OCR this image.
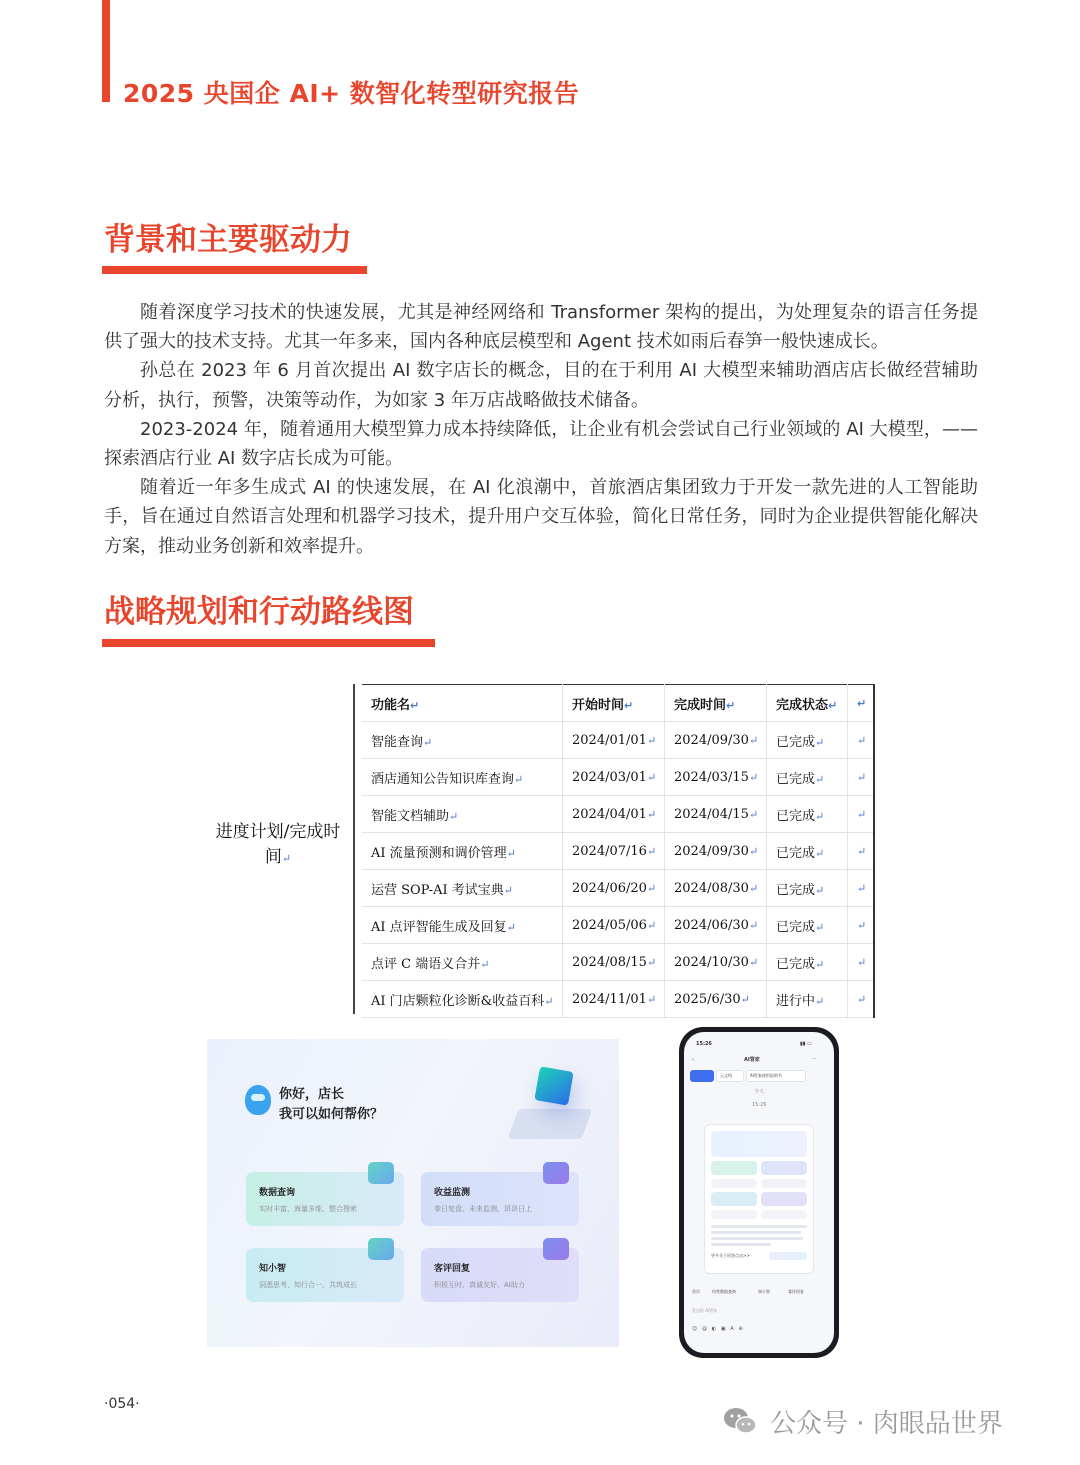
2025 央国企 AI+ 数智化转型研究报告
背景和主要驱动力

随着深度学习技术的快速发展，尤其是神经网络和 Transformer 架构的提出，为处理复杂的语言任务提供了强大的技术支持。尤其一年多来，国内各种底层模型和 Agent 技术如雨后春笋一般快速成长。

孙总在 2023 年 6 月首次提出 AI 数字店长的概念，目的在于利用 AI 大模型来辅助酒店店长做经营辅助分析，执行，预警，决策等动作，为如家 3 年万店战略做技术储备。

2023-2024 年，随着通用大模型算力成本持续降低，让企业有机会尝试自己行业领域的 AI 大模型，——探索酒店行业 AI 数字店长成为可能。

随着近一年多生成式 AI 的快速发展，在 AI 化浪潮中，首旅酒店集团致力于开发一款先进的人工智能助手，旨在通过自然语言处理和机器学习技术，提升用户交互体验，简化日常任务，同时为企业提供智能化解决方案，推动业务创新和效率提升。

战略规划和行动路线图
进度计划/完成时间↵
功能名↵	开始时间↵	完成时间↵	完成状态↵	↵
智能查询↵	2024/01/01↵	2024/09/30↵	已完成↵	↵
酒店通知公告知识库查询↵	2024/03/01↵	2024/03/15↵	已完成↵	↵
智能文档辅助↵	2024/04/01↵	2024/04/15↵	已完成↵	↵
AI 流量预测和调价管理↵	2024/07/16↵	2024/09/30↵	已完成↵	↵
运营 SOP-AI 考试宝典↵	2024/06/20↵	2024/08/30↵	已完成↵	↵
AI 点评智能生成及回复↵	2024/05/06↵	2024/06/30↵	已完成↵	↵
点评 C 端语义合并↵	2024/08/15↵	2024/10/30↵	已完成↵	↵
AI 门店颗粒化诊断&收益百科↵	2024/11/01↵	2025/6/30↵	进行中↵	↵
你好，店长
我可以如何帮你？
数据查询
实时丰富、海量多维、整合搜索
收益监测
拳日复盘、未来监测、昂昂日上
知小智
洞悉思考、知行合一、共筑成长
客评回复
积极互时、真诚友好、AI助力
15:26	▮▮ ▭
‹	AI管家	···
云文档	AI管家使用说明书
今天
15:26
更多关于回答点击>>
首页	经营数据查询	知小智	客评回复
发送给 AI管家
☺   @   ◐   ▣   A   ⊕
·054·
公众号 · 肉眼品世界
